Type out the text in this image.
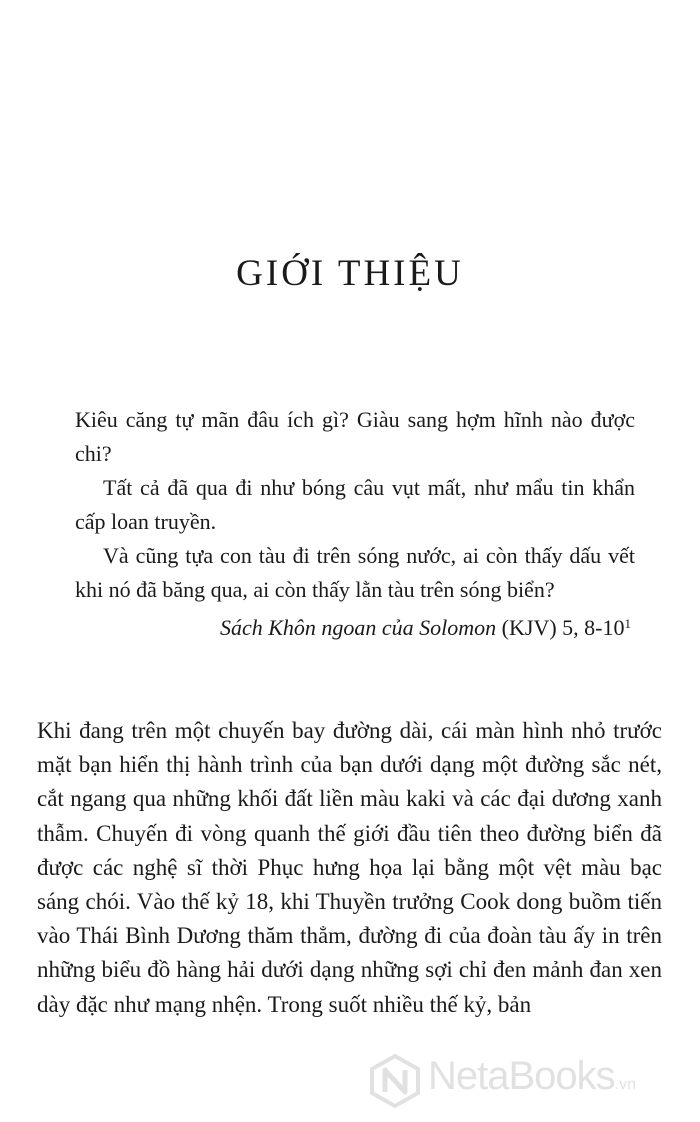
GIỚI THIỆU

Kiêu căng tự mãn đâu ích gì? Giàu sang hợm hĩnh nào được chi?

Tất cả đã qua đi như bóng câu vụt mất, như mẩu tin khẩn cấp loan truyền.

Và cũng tựa con tàu đi trên sóng nước, ai còn thấy dấu vết khi nó đã băng qua, ai còn thấy lằn tàu trên sóng biển?

Sách Khôn ngoan của Solomon (KJV) 5, $8-10^1$

Khi đang trên một chuyến bay đường dài, cái màn hình nhỏ trước mặt bạn hiển thị hành trình của bạn dưới dạng một đường sắc nét, cắt ngang qua những khối đất liền màu kaki và các đại dương xanh thẫm. Chuyến đi vòng quanh thế giới đầu tiên theo đường biển đã được các nghệ sĩ thời Phục hưng họa lại bằng một vệt màu bạc sáng chói. Vào thế kỷ 18, khi Thuyền trưởng Cook dong buồm tiến vào Thái Bình Dương thăm thẳm, đường đi của đoàn tàu ấy in trên những biểu đồ hàng hải dưới dạng những sợi chỉ đen mảnh đan xen dày đặc như mạng nhện. Trong suốt nhiều thế kỷ, bản

NetaBooks.vn
